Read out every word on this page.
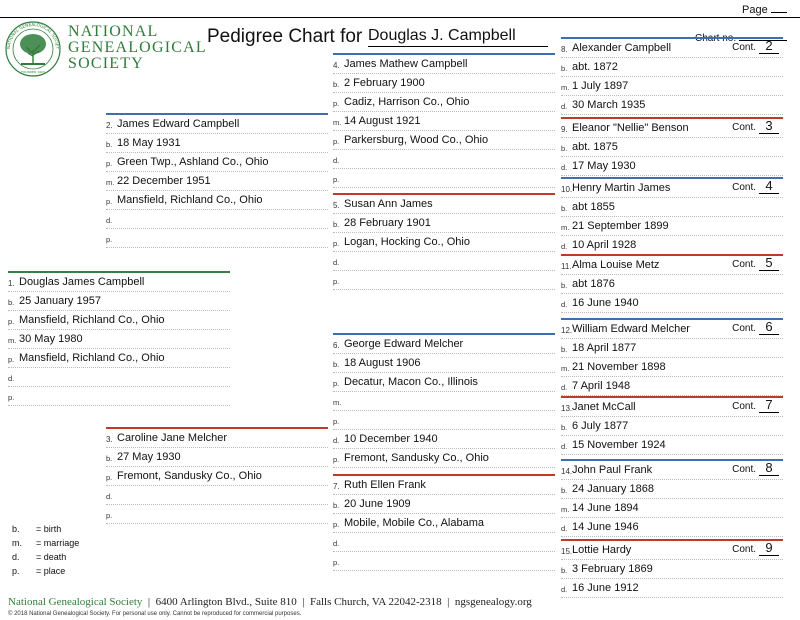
Page
NATIONAL GENEALOGICAL SOCIET
FOUNDED 1903
NATIONAL
GENEALOGICAL
SOCIETY
Pedigree Chart for Douglas J. Campbell
1. Douglas James Campbell
b. 25 January 1957
p. Mansfield, Richland Co., Ohio
m. 30 May 1980
p. Mansfield, Richland Co., Ohio
d.
p.
2. James Edward Campbell
b. 18 May 1931
p. Green Twp., Ashland Co., Ohio
m. 22 December 1951
p. Mansfield, Richland Co., Ohio
d.
p.
3. Caroline Jane Melcher
b. 27 May 1930
p. Fremont, Sandusky Co., Ohio
d.
p.
4. James Mathew Campbell
b. 2 February 1900
p. Cadiz, Harrison Co., Ohio
m. 14 August 1921
p. Parkersburg, Wood Co., Ohio
d.
p.
5. Susan Ann James
b. 28 February 1901
p. Logan, Hocking Co., Ohio
d.
p.
6. George Edward Melcher
b. 18 August 1906
p. Decatur, Macon Co., Illinois
m.
p.
d. 10 December 1940
p. Fremont, Sandusky Co., Ohio
7. Ruth Ellen Frank
b. 20 June 1909
p. Mobile, Mobile Co., Alabama
d.
p.
8. Alexander Campbell	Cont. 2
b. abt. 1872
m. 1 July 1897
d. 30 March 1935
9. Eleanor "Nellie" Benson	Cont. 3
b. abt. 1875
d. 17 May 1930
10. Henry Martin James	Cont. 4
b. abt 1855
m. 21 September 1899
d. 10 April 1928
11. Alma Louise Metz	Cont. 5
b. abt 1876
d. 16 June 1940
12. William Edward Melcher	Cont. 6
b. 18 April 1877
m. 21 November 1898
d. 7 April 1948
13. Janet McCall	Cont. 7
b. 6 July 1877
d. 15 November 1924
14. John Paul Frank	Cont. 8
b. 24 January 1868
m. 14 June 1894
d. 14 June 1946
15. Lottie Hardy	Cont. 9
b. 3 February 1869
d. 16 June 1912
b. = birth
m. = marriage
d. = death
p. = place
National Genealogical Society  |  6400 Arlington Blvd., Suite 810  |  Falls Church, VA 22042-2318  |  ngsgenealogy.org
© 2018 National Genealogical Society. For personal use only. Cannot be reproduced for commercial purposes.
